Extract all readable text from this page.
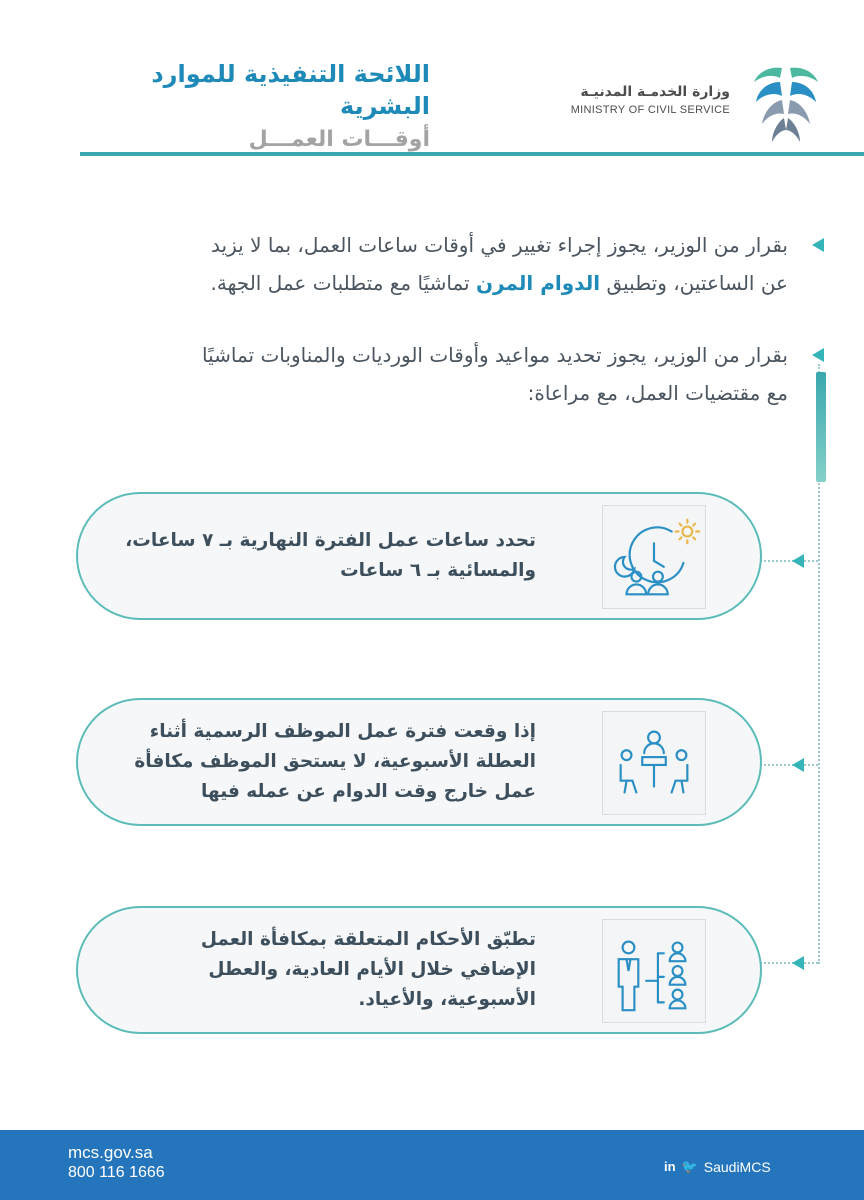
اللائحة التنفيذية للموارد البشرية
أوقـــات العمـــل
وزارة الخدمـة المدنيـة
MINISTRY OF CIVIL SERVICE
بقرار من الوزير، يجوز إجراء تغيير في أوقات ساعات العمل، بما لا يزيد
عن الساعتين، وتطبيق الدوام المرن تماشيًا مع متطلبات عمل الجهة.
بقرار من الوزير، يجوز تحديد مواعيد وأوقات الورديات والمناوبات تماشيًا
مع مقتضيات العمل، مع مراعاة:
تحدد ساعات عمل الفترة النهارية بـ ٧ ساعات،
والمسائية بـ ٦ ساعات
إذا وقعت فترة عمل الموظف الرسمية أثناء
العطلة الأسبوعية، لا يستحق الموظف مكافأة
عمل خارج وقت الدوام عن عمله فيها
تطبّق الأحكام المتعلقة بمكافأة العمل
الإضافي خلال الأيام العادية، والعطل
الأسبوعية، والأعياد.
mcs.gov.sa
800 116 1666	in 🐦 SaudiMCS
